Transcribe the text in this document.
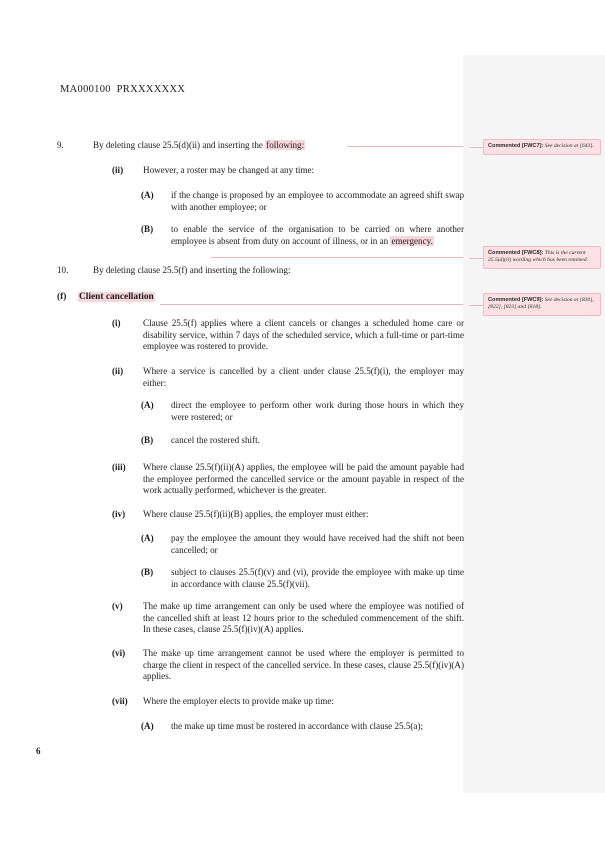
MA000100  PRXXXXXXX
9.	By deleting clause 25.5(d)(ii) and inserting the following:
(ii)	However, a roster may be changed at any time:
(A)	if the change is proposed by an employee to accommodate an agreed shift swap with another employee; or
(B)	to enable the service of the organisation to be carried on where another employee is absent from duty on account of illness, or in an emergency.
10.	By deleting clause 25.5(f) and inserting the following:
(f)	Client cancellation
(i)	Clause 25.5(f) applies where a client cancels or changes a scheduled home care or disability service, within 7 days of the scheduled service, which a full-time or part-time employee was rostered to provide.
(ii)	Where a service is cancelled by a client under clause 25.5(f)(i), the employer may either:
(A)	direct the employee to perform other work during those hours in which they were rostered; or
(B)	cancel the rostered shift.
(iii)	Where clause 25.5(f)(ii)(A) applies, the employee will be paid the amount payable had the employee performed the cancelled service or the amount payable in respect of the work actually performed, whichever is the greater.
(iv)	Where clause 25.5(f)(ii)(B) applies, the employer must either:
(A)	pay the employee the amount they would have received had the shift not been cancelled; or
(B)	subject to clauses 25.5(f)(v) and (vi), provide the employee with make up time in accordance with clause 25.5(f)(vii).
(v)	The make up time arrangement can only be used where the employee was notified of the cancelled shift at least 12 hours prior to the scheduled commencement of the shift. In these cases, clause 25.5(f)(iv)(A) applies.
(vi)	The make up time arrangement cannot be used where the employer is permitted to charge the client in respect of the cancelled service. In these cases, clause 25.5(f)(iv)(A) applies.
(vii)	Where the employer elects to provide make up time:
(A)	the make up time must be rostered in accordance with clause 25.5(a);
6
Commented [FWC7]: See decision at [643].
Commented [FWC8]: This is the current 25.5(d)(ii) wording which has been retained.
Commented [FWC9]: See decision at [830], [822], [823] and [818].
